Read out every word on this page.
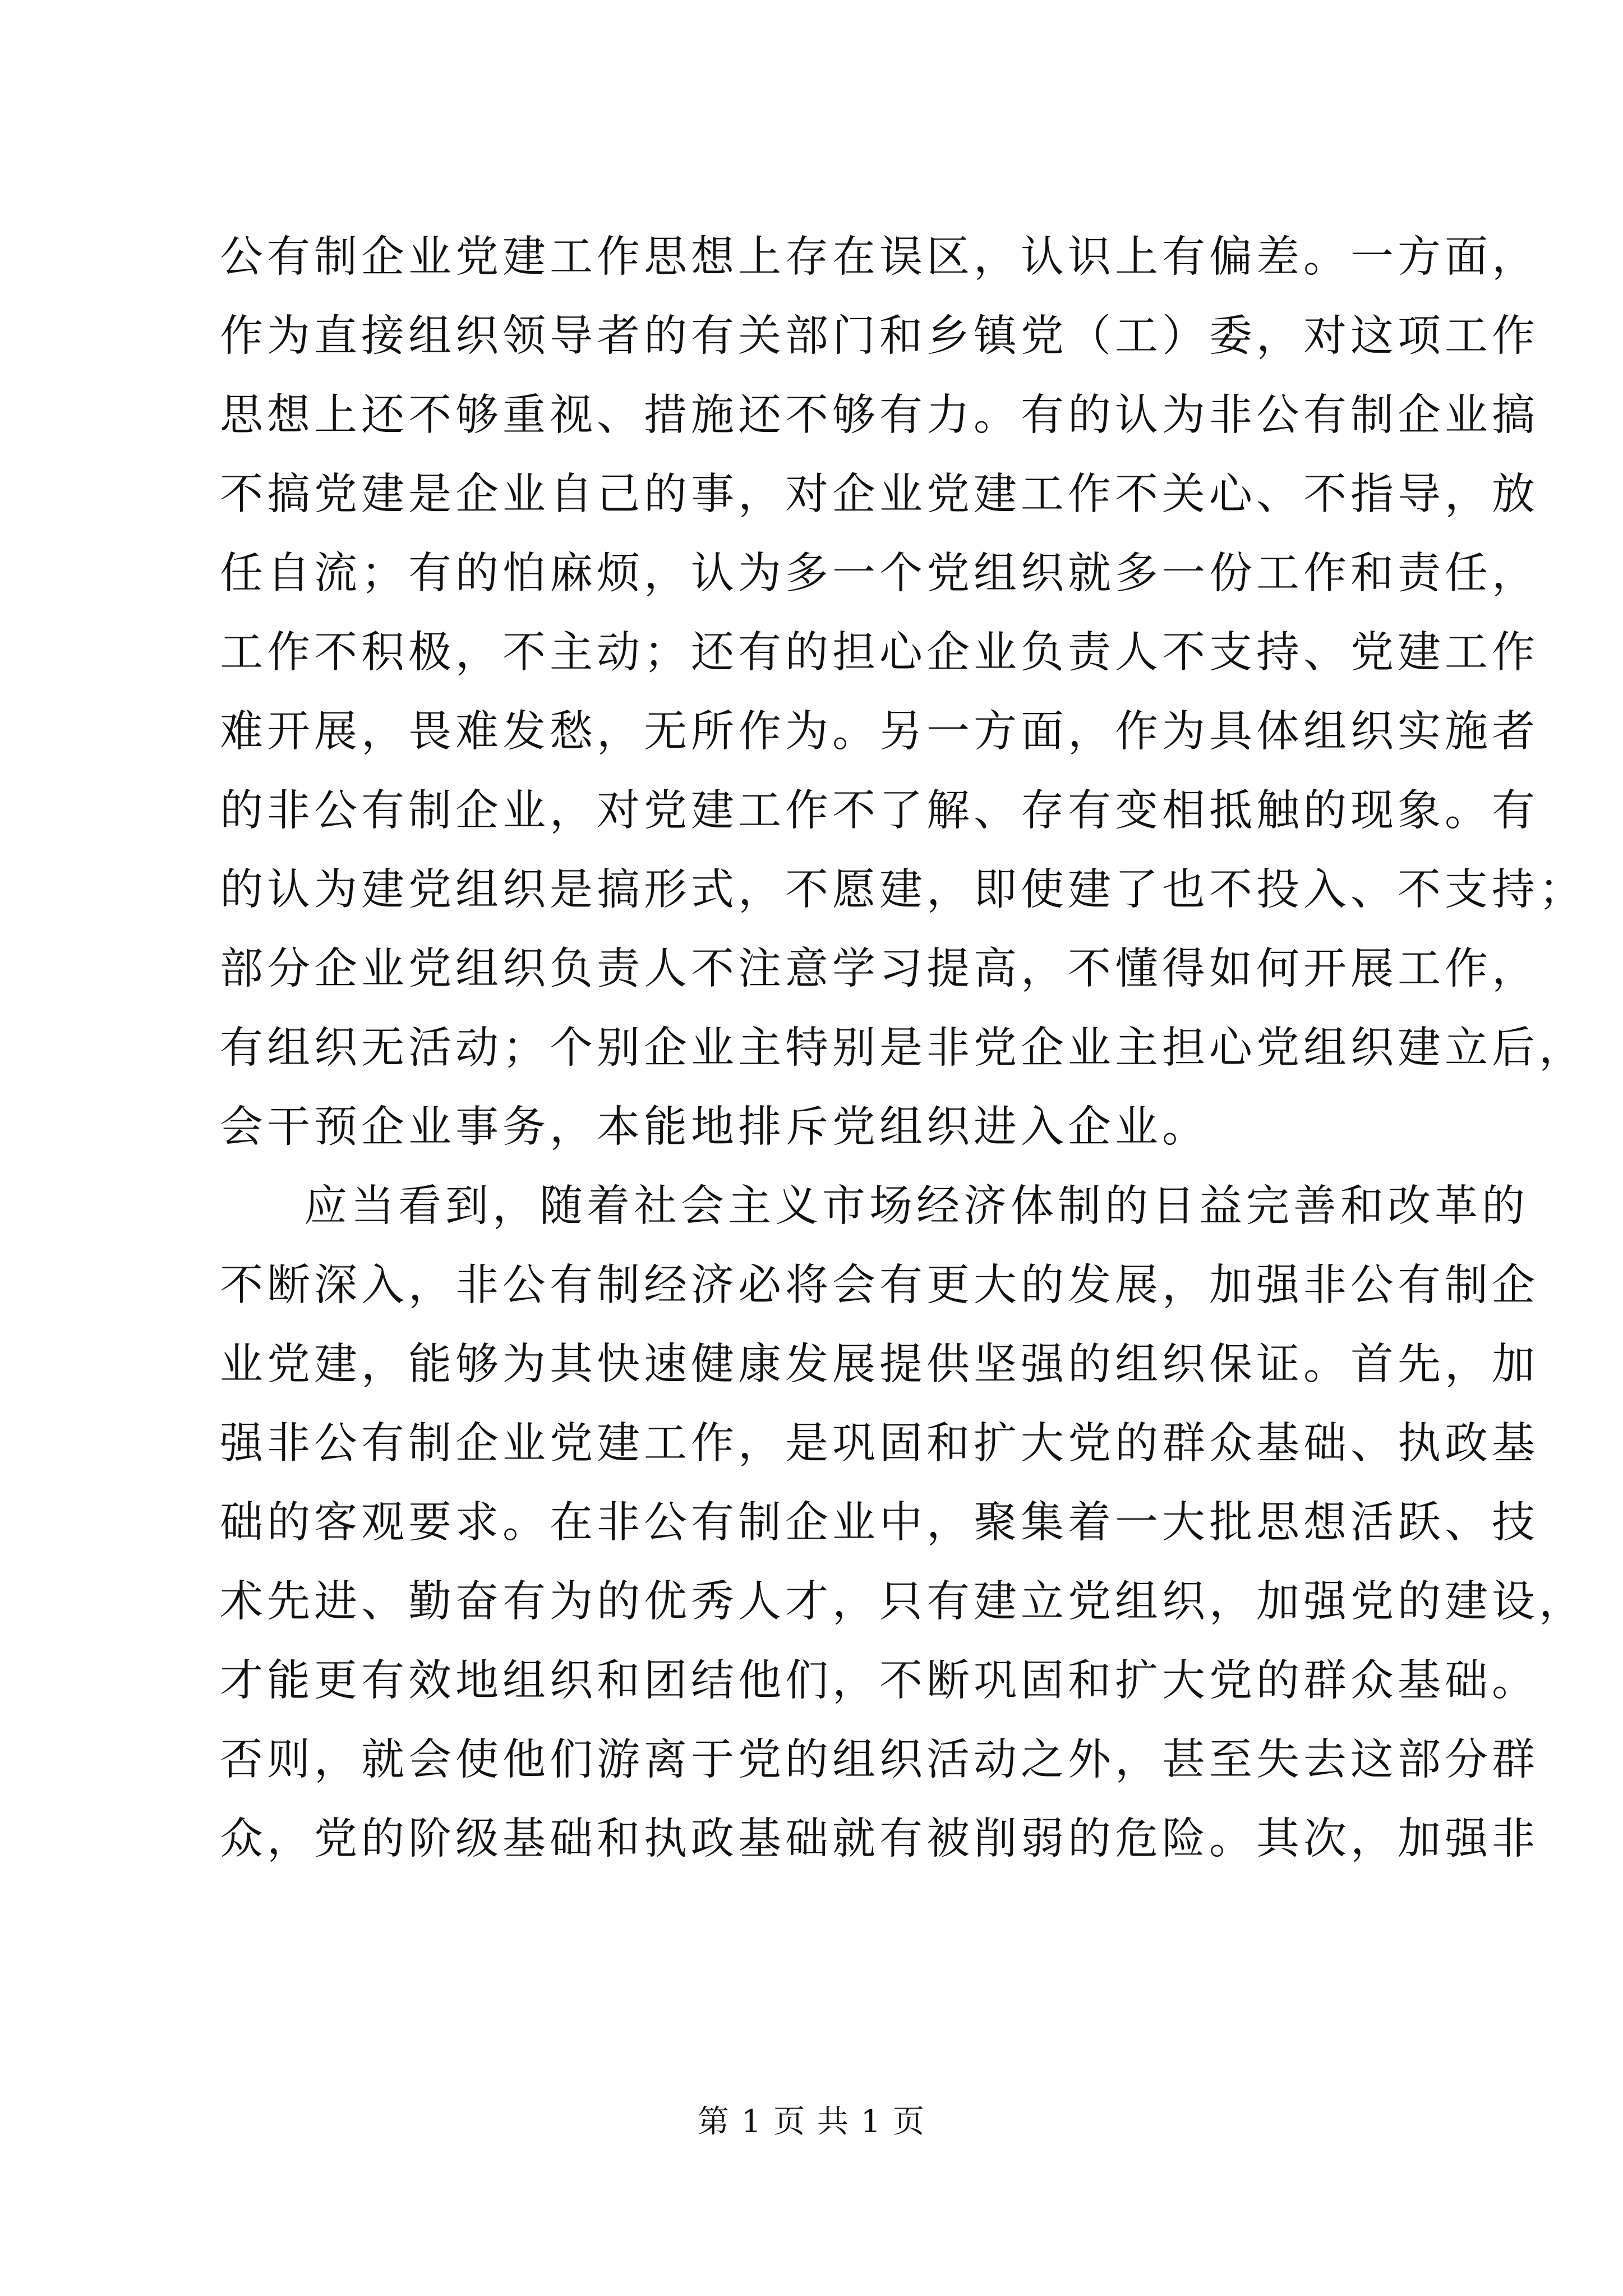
公有制企业党建工作思想上存在误区，认识上有偏差。一方面，
作为直接组织领导者的有关部门和乡镇党（工）委，对这项工作
思想上还不够重视、措施还不够有力。有的认为非公有制企业搞
不搞党建是企业自己的事，对企业党建工作不关心、不指导，放
任自流；有的怕麻烦，认为多一个党组织就多一份工作和责任，
工作不积极，不主动；还有的担心企业负责人不支持、党建工作
难开展，畏难发愁，无所作为。另一方面，作为具体组织实施者
的非公有制企业，对党建工作不了解、存有变相抵触的现象。有
的认为建党组织是搞形式，不愿建，即使建了也不投入、不支持；
部分企业党组织负责人不注意学习提高，不懂得如何开展工作，
有组织无活动；个别企业主特别是非党企业主担心党组织建立后，
会干预企业事务，本能地排斥党组织进入企业。
应当看到，随着社会主义市场经济体制的日益完善和改革的
不断深入，非公有制经济必将会有更大的发展，加强非公有制企
业党建，能够为其快速健康发展提供坚强的组织保证。首先，加
强非公有制企业党建工作，是巩固和扩大党的群众基础、执政基
础的客观要求。在非公有制企业中，聚集着一大批思想活跃、技
术先进、勤奋有为的优秀人才，只有建立党组织，加强党的建设，
才能更有效地组织和团结他们，不断巩固和扩大党的群众基础。
否则，就会使他们游离于党的组织活动之外，甚至失去这部分群
众，党的阶级基础和执政基础就有被削弱的危险。其次，加强非
第 1 页 共 1 页
